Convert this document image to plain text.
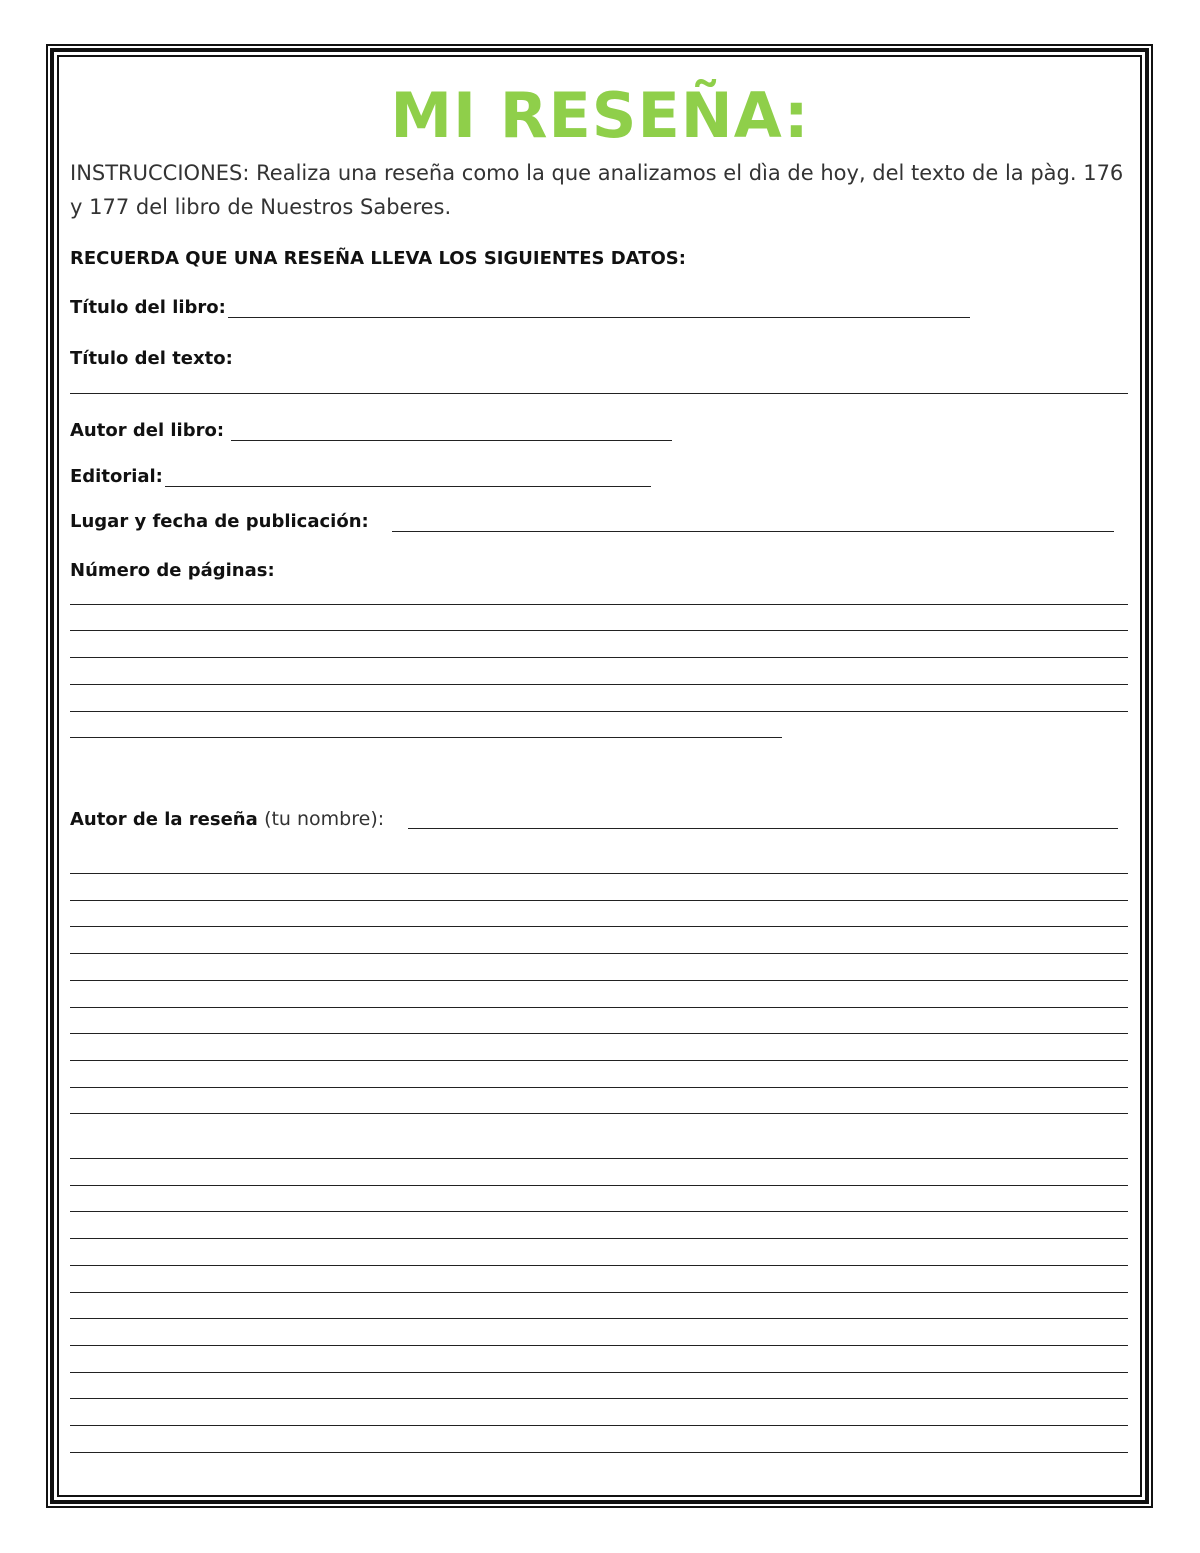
MI RESEÑA:

INSTRUCCIONES: Realiza una reseña como la que analizamos el dìa de hoy, del texto de la pàg. 176 y 177 del libro de Nuestros Saberes.

RECUERDA QUE UNA RESEÑA LLEVA LOS SIGUIENTES DATOS:
Título del libro:
Título del texto:
Autor del libro:
Editorial:
Lugar y fecha de publicación:
Número de páginas:
Autor de la reseña (tu nombre):
